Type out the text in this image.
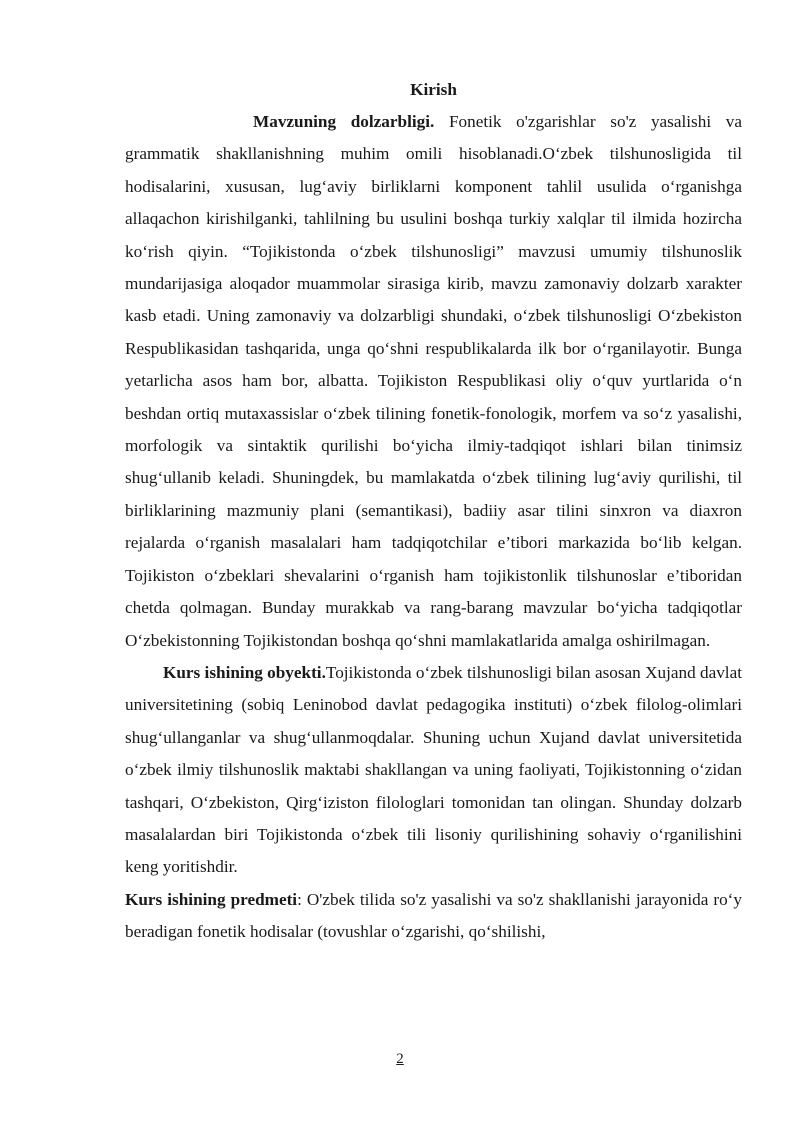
Kirish

Mavzuning dolzarbligi. Fonetik o'zgarishlar so'z yasalishi va grammatik shakllanishning muhim omili hisoblanadi.O‘zbek tilshunosligida til hodisalarini, xususan, lug‘aviy birliklarni komponent tahlil usulida o‘rganishga allaqachon kirishilganki, tahlilning bu usulini boshqa turkiy xalqlar til ilmida hozircha ko‘rish qiyin. “Tojikistonda o‘zbek tilshunosligi” mavzusi umumiy tilshunoslik mundarijasiga aloqador muammolar sirasiga kirib, mavzu zamonaviy dolzarb xarakter kasb etadi. Uning zamonaviy va dolzarbligi shundaki, o‘zbek tilshunosligi O‘zbekiston Respublikasidan tashqarida, unga qo‘shni respublikalarda ilk bor o‘rganilayotir. Bunga yetarlicha asos ham bor, albatta. Tojikiston Respublikasi oliy o‘quv yurtlarida o‘n beshdan ortiq mutaxassislar o‘zbek tilining fonetik-fonologik, morfem va so‘z yasalishi, morfologik va sintaktik qurilishi bo‘yicha ilmiy-tadqiqot ishlari bilan tinimsiz shug‘ullanib keladi. Shuningdek, bu mamlakatda o‘zbek tilining lug‘aviy qurilishi, til birliklarining mazmuniy plani (semantikasi), badiiy asar tilini sinxron va diaxron rejalarda o‘rganish masalalari ham tadqiqotchilar e’tibori markazida bo‘lib kelgan. Tojikiston o‘zbeklari shevalarini o‘rganish ham tojikistonlik tilshunoslar e’tiboridan chetda qolmagan. Bunday murakkab va rang-barang mavzular bo‘yicha tadqiqotlar O‘zbekistonning Tojikistondan boshqa qo‘shni mamlakatlarida amalga oshirilmagan.

Kurs ishining obyekti.Tojikistonda o‘zbek tilshunosligi bilan asosan Xujand davlat universitetining (sobiq Leninobod davlat pedagogika instituti) o‘zbek filolog-olimlari shug‘ullanganlar va shug‘ullanmoqdalar. Shuning uchun Xujand davlat universitetida o‘zbek ilmiy tilshunoslik maktabi shakllangan va uning faoliyati, Tojikistonning o‘zidan tashqari, O‘zbekiston, Qirg‘iziston filologlari tomonidan tan olingan. Shunday dolzarb masalalardan biri Tojikistonda o‘zbek tili lisoniy qurilishining sohaviy o‘rganilishini keng yoritishdir.

Kurs ishining predmeti: O'zbek tilida so'z yasalishi va so'z shakllanishi jarayonida ro‘y beradigan fonetik hodisalar (tovushlar o‘zgarishi, qo‘shilishi,

2
